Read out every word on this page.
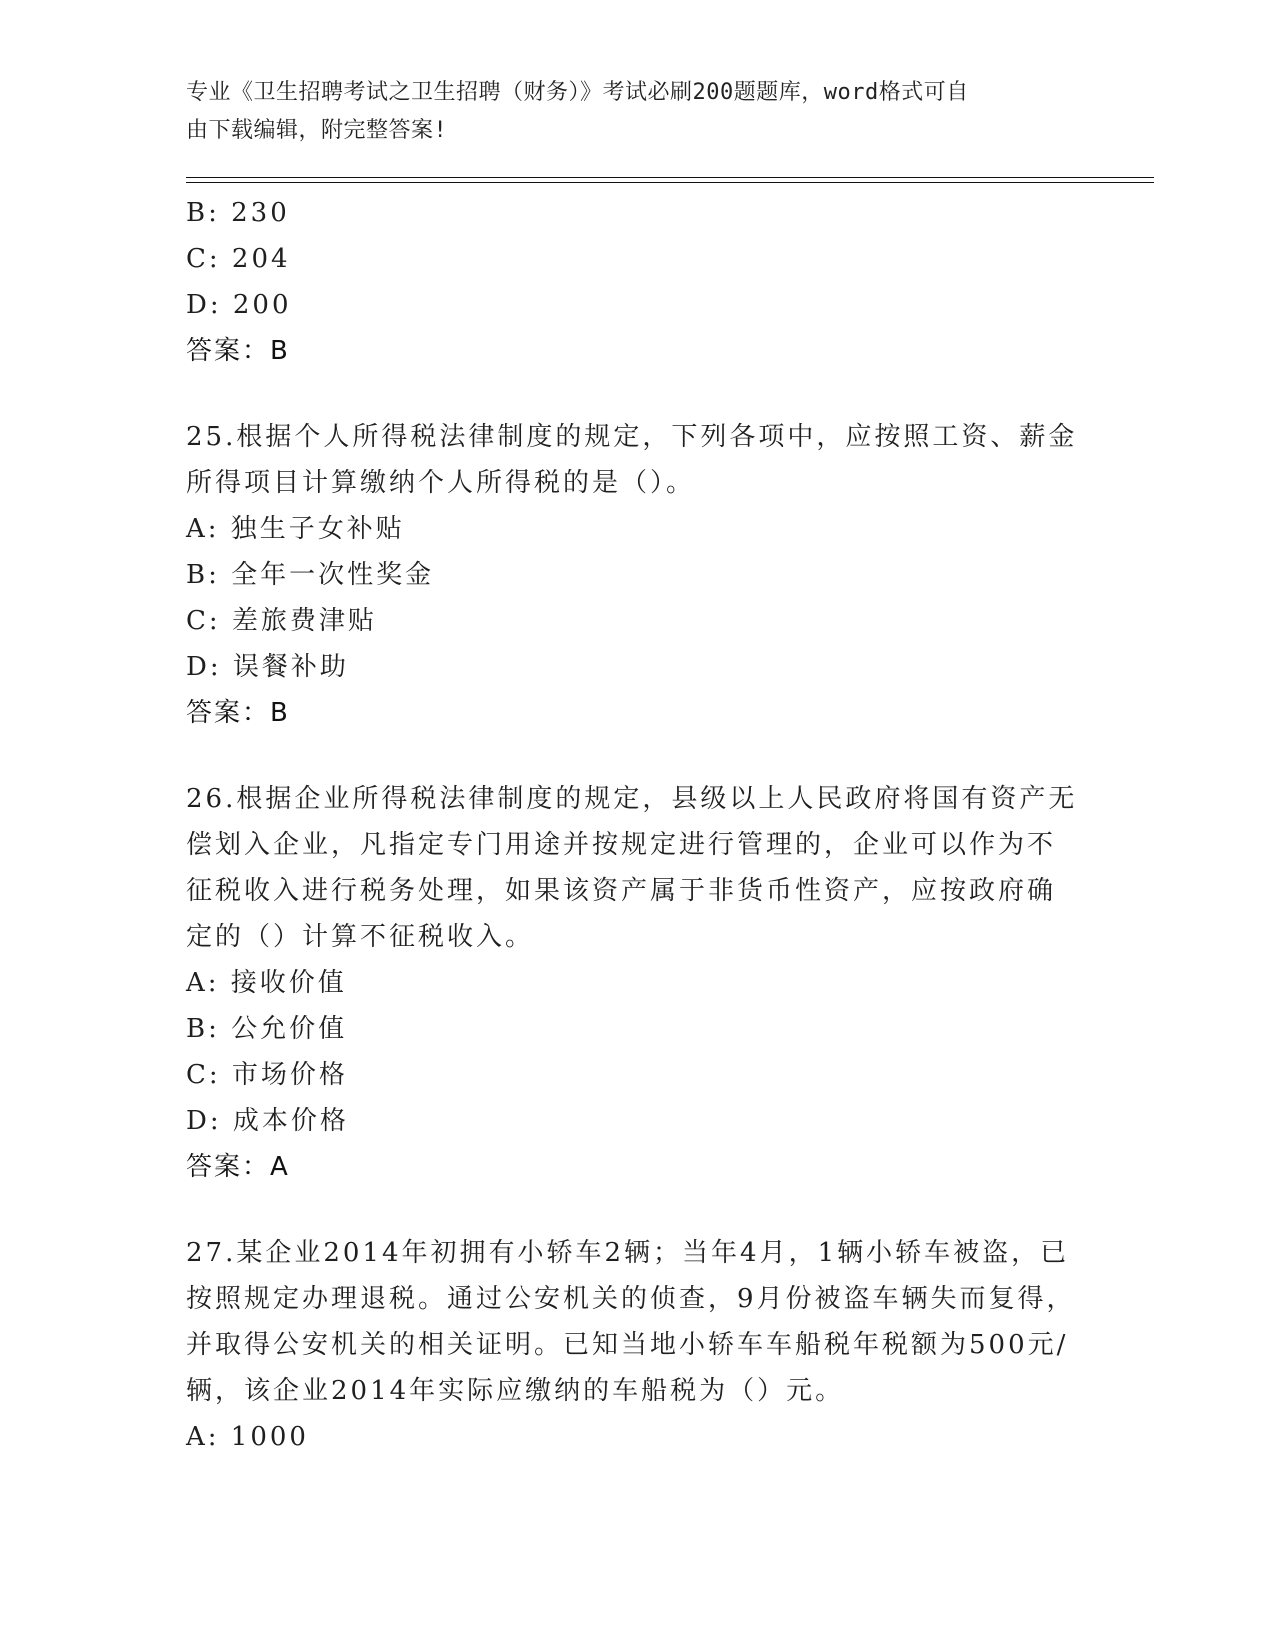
专业《卫生招聘考试之卫生招聘（财务）》考试必刷200题题库，word格式可自
由下载编辑，附完整答案!
B: 230
C: 204
D: 200
答案：B
25.根据个人所得税法律制度的规定，下列各项中，应按照工资、薪金
所得项目计算缴纳个人所得税的是（）。
A: 独生子女补贴
B: 全年一次性奖金
C: 差旅费津贴
D: 误餐补助
答案：B
26.根据企业所得税法律制度的规定，县级以上人民政府将国有资产无
偿划入企业，凡指定专门用途并按规定进行管理的，企业可以作为不
征税收入进行税务处理，如果该资产属于非货币性资产，应按政府确
定的（）计算不征税收入。
A: 接收价值
B: 公允价值
C: 市场价格
D: 成本价格
答案：A
27.某企业2014年初拥有小轿车2辆；当年4月，1辆小轿车被盗，已
按照规定办理退税。通过公安机关的侦查，9月份被盗车辆失而复得，
并取得公安机关的相关证明。已知当地小轿车车船税年税额为500元/
辆，该企业2014年实际应缴纳的车船税为（）元。
A: 1000
